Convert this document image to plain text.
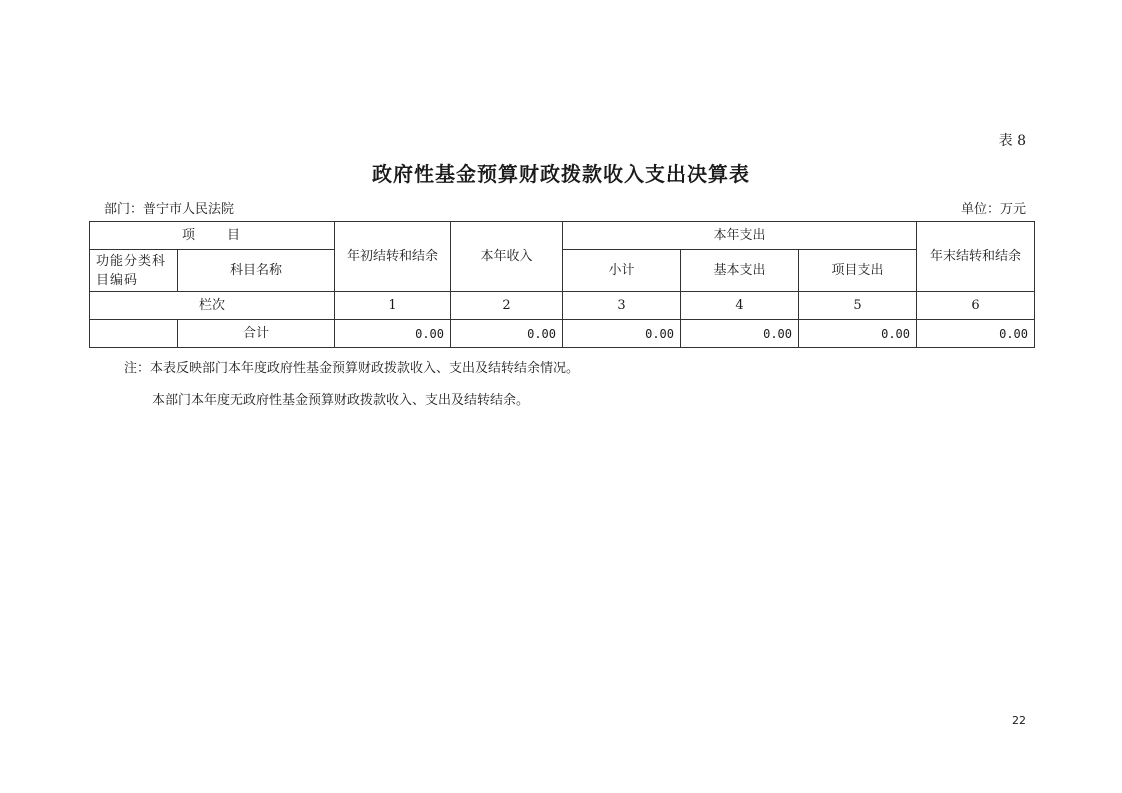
表 8
政府性基金预算财政拨款收入支出决算表
部门：普宁市人民法院	单位：万元
项　　目		年初结转和结余	本年收入	本年支出			年末结转和结余
功能分类科目编码	科目名称			小计	基本支出	项目支出	
栏次		1	2	3	4	5	6
	合计	0.00	0.00	0.00	0.00	0.00	0.00
注：本表反映部门本年度政府性基金预算财政拨款收入、支出及结转结余情况。
本部门本年度无政府性基金预算财政拨款收入、支出及结转结余。
22
